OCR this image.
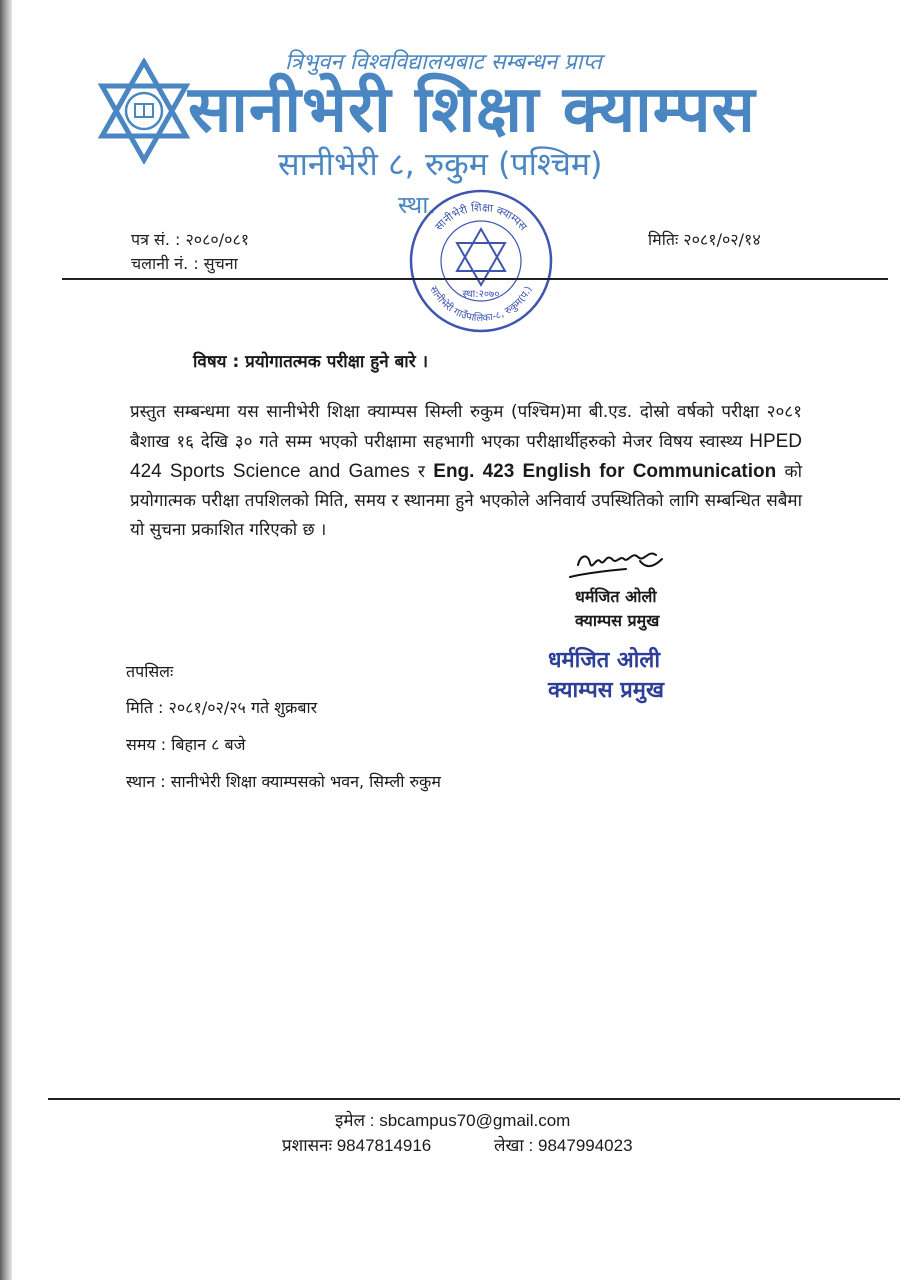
त्रिभुवन विश्वविद्यालयबाट सम्बन्धन प्राप्त
सानीभेरी शिक्षा क्याम्पस
सानीभेरी ८, रुकुम (पश्चिम)
स्था.
सानीभेरी शिक्षा क्याम्पस
सानीभेरी गाउँपालिका-८, रुकुम(प.)
स्था:२०७०
पत्र सं. : २०८०/०८१
चलानी नं. : सुचना
मितिः २०८१/०२/१४
विषय : प्रयोगातत्मक परीक्षा हुने बारे ।
प्रस्तुत सम्बन्धमा यस सानीभेरी शिक्षा क्याम्पस सिम्ली रुकुम (पश्चिम)मा बी.एड. दोस्रो वर्षको परीक्षा २०८१ बैशाख १६ देखि ३० गते सम्म भएको परीक्षामा सहभागी भएका परीक्षार्थीहरुको मेजर विषय स्वास्थ्य HPED 424 Sports Science and Games र Eng. 423 English for Communication को प्रयोगात्मक परीक्षा तपशिलको मिति, समय र स्थानमा हुने भएकोले अनिवार्य उपस्थितिको लागि सम्बन्धित सबैमा यो सुचना प्रकाशित गरिएको छ ।
धर्मजित ओली
क्याम्पस प्रमुख
धर्मजित ओली
क्याम्पस प्रमुख
तपसिलः
मिति : २०८१/०२/२५ गते शुक्रबार
समय : बिहान ८ बजे
स्थान : सानीभेरी शिक्षा क्याम्पसको भवन, सिम्ली रुकुम
इमेल : sbcampus70@gmail.com
प्रशासनः 9847814916	लेखा : 9847994023
